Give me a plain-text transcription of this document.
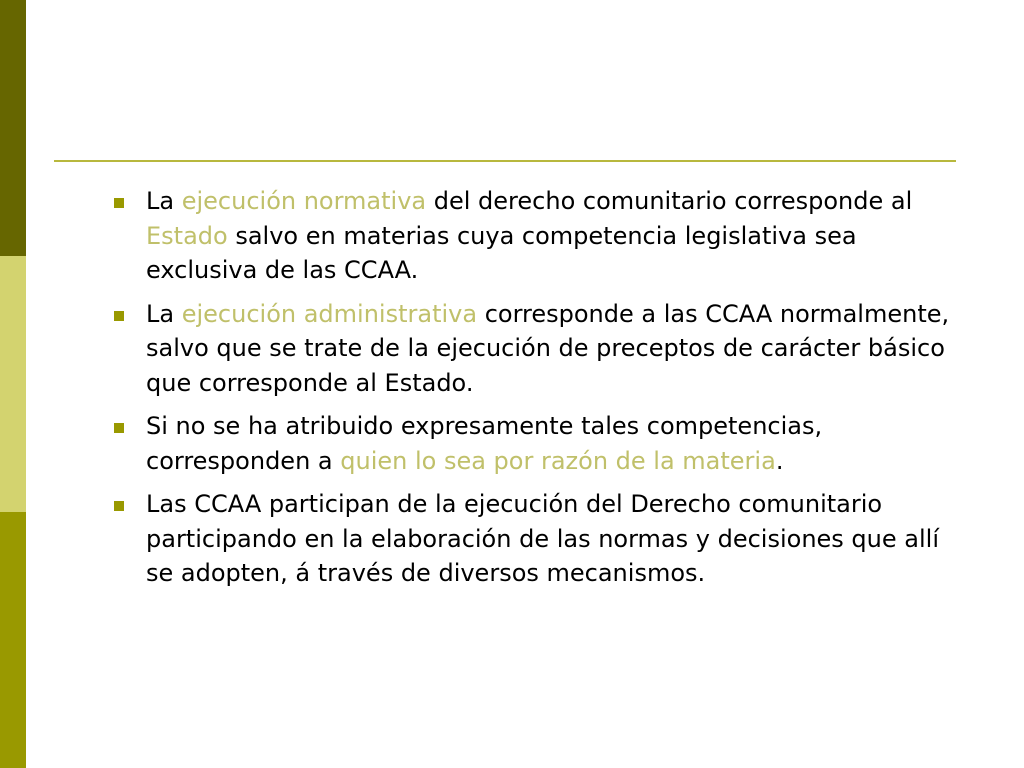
La ejecución normativa del derecho comunitario corresponde al Estado salvo en materias cuya competencia legislativa sea exclusiva de las CCAA.
La ejecución administrativa corresponde a las CCAA normalmente, salvo que se trate de la ejecución de preceptos de carácter básico que corresponde al Estado.
Si no se ha atribuido expresamente tales competencias, corresponden a quien lo sea por razón de la materia.
Las CCAA participan de la ejecución del Derecho comunitario participando en la elaboración de las normas y decisiones que allí se adopten, á través de diversos mecanismos.
